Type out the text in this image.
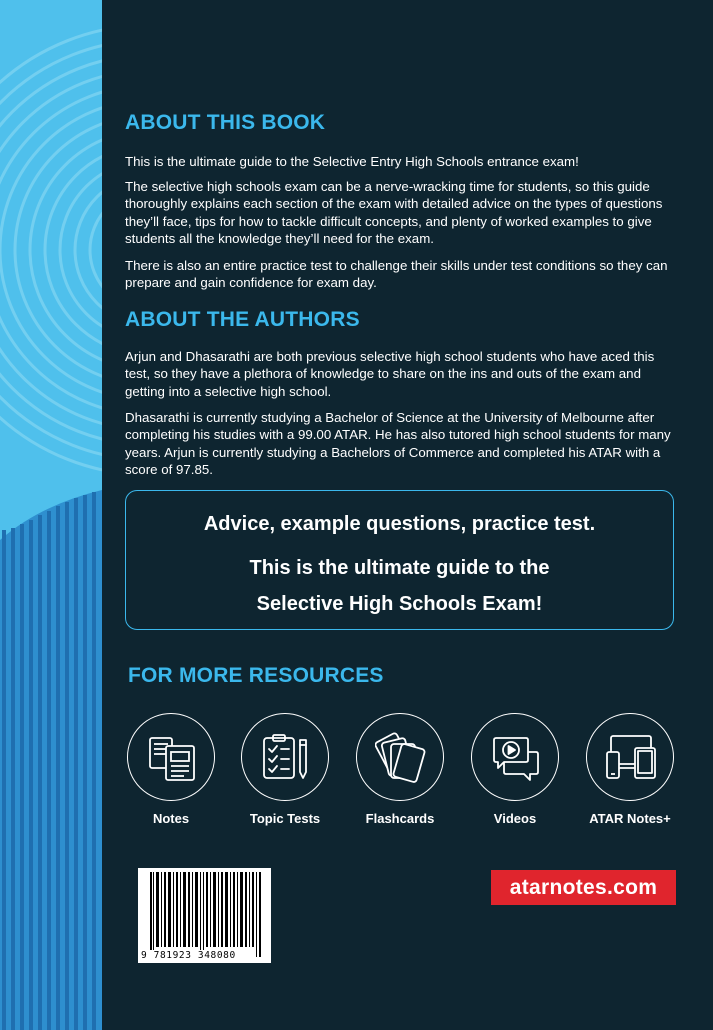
ABOUT THIS BOOK
This is the ultimate guide to the Selective Entry High Schools entrance exam!
The selective high schools exam can be a nerve-wracking time for students, so this guide thoroughly explains each section of the exam with detailed advice on the types of questions they’ll face, tips for how to tackle difficult concepts, and plenty of worked examples to give students all the knowledge they’ll need for the exam.
There is also an entire practice test to challenge their skills under test conditions so they can prepare and gain confidence for exam day.
ABOUT THE AUTHORS
Arjun and Dhasarathi are both previous selective high school students who have aced this test, so they have a plethora of knowledge to share on the ins and outs of the exam and getting into a selective high school.
Dhasarathi is currently studying a Bachelor of Science at the University of Melbourne after completing his studies with a 99.00 ATAR. He has also tutored high school students for many years. Arjun is currently studying a Bachelors of Commerce and completed his ATAR with a score of 97.85.
Advice, example questions, practice test.
This is the ultimate guide to the
Selective High Schools Exam!
FOR MORE RESOURCES
Notes	Topic Tests	Flashcards	Videos	ATAR Notes+
9 781923 348080
atarnotes.com
